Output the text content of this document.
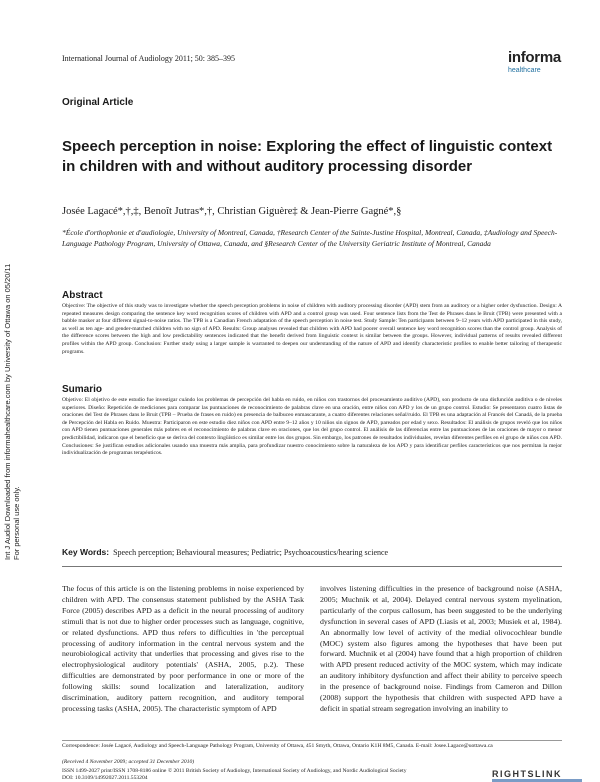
International Journal of Audiology 2011; 50: 385–395	informa
healthcare
Original Article
Speech perception in noise: Exploring the effect of linguistic context in children with and without auditory processing disorder
Josée Lagacé*,†,‡, Benoît Jutras*,†, Christian Giguère‡ & Jean-Pierre Gagné*,§
*École d'orthophonie et d'audiologie, University of Montreal, Canada, †Research Center of the Sainte-Justine Hospital, Montreal, Canada, ‡Audiology and Speech-Language Pathology Program, University of Ottawa, Canada, and §Research Center of the University Geriatric Institute of Montreal, Canada
Abstract
Objective: The objective of this study was to investigate whether the speech perception problems in noise of children with auditory processing disorder (APD) stem from an auditory or a higher order dysfunction. Design: A repeated measures design comparing the sentence key word recognition scores of children with APD and a control group was used. Four sentence lists from the Test de Phrases dans le Bruit (TPB) were presented with a babble masker at four different signal-to-noise ratios. The TPB is a Canadian French adaptation of the speech perception in noise test. Study Sample: Ten participants between 9–12 years with APD participated in this study, as well as ten age- and gender-matched children with no sign of APD. Results: Group analyses revealed that children with APD had poorer overall sentence key word recognition scores than the control group. Analysis of the difference scores between the high and low predictability sentences indicated that the benefit derived from linguistic context is similar between the groups. However, individual patterns of results revealed different profiles within the APD group. Conclusion: Further study using a larger sample is warranted to deepen our understanding of the nature of APD and identify characteristic profiles to enable better tailoring of therapeutic programs.
Sumario
Objetivo: El objetivo de este estudio fue investigar cuándo los problemas de percepción del habla en ruido, en niños con trastornos del procesamiento auditivo (APD), son producto de una disfunción auditiva o de niveles superiores. Diseño: Repetición de mediciones para comparar las puntuaciones de reconocimiento de palabras clave en una oración, entre niños con APD y los de un grupo control. Estudio: Se presentaron cuatro listas de oraciones del Test de Phrases dans le Bruit (TPB – Prueba de frases en ruido) en presencia de balbuceo enmascarante, a cuatro diferentes relaciones señal/ruido. El TPB es una adaptación al Francés del Canadá, de la prueba de Percepción del Habla en Ruido. Muestra: Participaron en este estudio diez niños con APD entre 9–12 años y 10 niños sin signos de APD, pareados por edad y sexo. Resultados: El análisis de grupos reveló que los niños con APD tienen puntuaciones generales más pobres en el reconocimiento de palabras clave en oraciones, que los del grupo control. El análisis de las diferencias entre las puntuaciones de las oraciones de mayor o menor predictibilidad, indicaron que el beneficio que se deriva del contexto lingüístico es similar entre los dos grupos. Sin embargo, los patrones de resultados individuales, revelan diferentes perfiles en el grupo de niños con APD. Conclusiones: Se justifican estudios adicionales usando una muestra más amplia, para profundizar nuestro conocimiento sobre la naturaleza de los APD y para identificar perfiles característicos que nos permitan la mejor individualización de programas terapéuticos.
Key Words: Speech perception; Behavioural measures; Pediatric; Psychoacoustics/hearing science
The focus of this article is on the listening problems in noise experienced by children with APD. The consensus statement published by the ASHA Task Force (2005) describes APD as a deficit in the neural processing of auditory stimuli that is not due to higher order processes such as language, cognitive, or related dysfunctions. APD thus refers to difficulties in 'the perceptual processing of auditory information in the central nervous system and the neurobiological activity that underlies that processing and gives rise to the electrophysiological auditory potentials' (ASHA, 2005, p.2). These difficulties are demonstrated by poor performance in one or more of the following skills: sound localization and lateralization, auditory discrimination, auditory pattern recognition, and auditory temporal processing tasks (ASHA, 2005). The characteristic symptom of APD
involves listening difficulties in the presence of background noise (ASHA, 2005; Muchnik et al, 2004). Delayed central nervous system myelination, particularly of the corpus callosum, has been suggested to be the underlying dysfunction in several cases of APD (Liasis et al, 2003; Musiek et al, 1984). An abnormally low level of activity of the medial olivocochlear bundle (MOC) system also figures among the hypotheses that have been put forward. Muchnik et al (2004) have found that a high proportion of children with APD present reduced activity of the MOC system, which may indicate an auditory inhibitory dysfunction and affect their ability to perceive speech in the presence of background noise. Findings from Cameron and Dillon (2008) support the hypothesis that children with suspected APD have a deficit in spatial stream segregation involving an inability to
Correspondence: Josée Lagacé, Audiology and Speech-Language Pathology Program, University of Ottawa, 451 Smyth, Ottawa, Ontario K1H 8M5, Canada. E-mail: Josee.Lagace@uottawa.ca
(Received 4 November 2009; accepted 31 December 2010)
ISSN 1499-2027 print/ISSN 1708-8186 online © 2011 British Society of Audiology, International Society of Audiology, and Nordic Audiological Society
DOI: 10.3109/14992027.2011.553204
Int J Audiol Downloaded from informahealthcare.com by University of Ottawa on 05/20/11 For personal use only.
RIGHTSLINK
